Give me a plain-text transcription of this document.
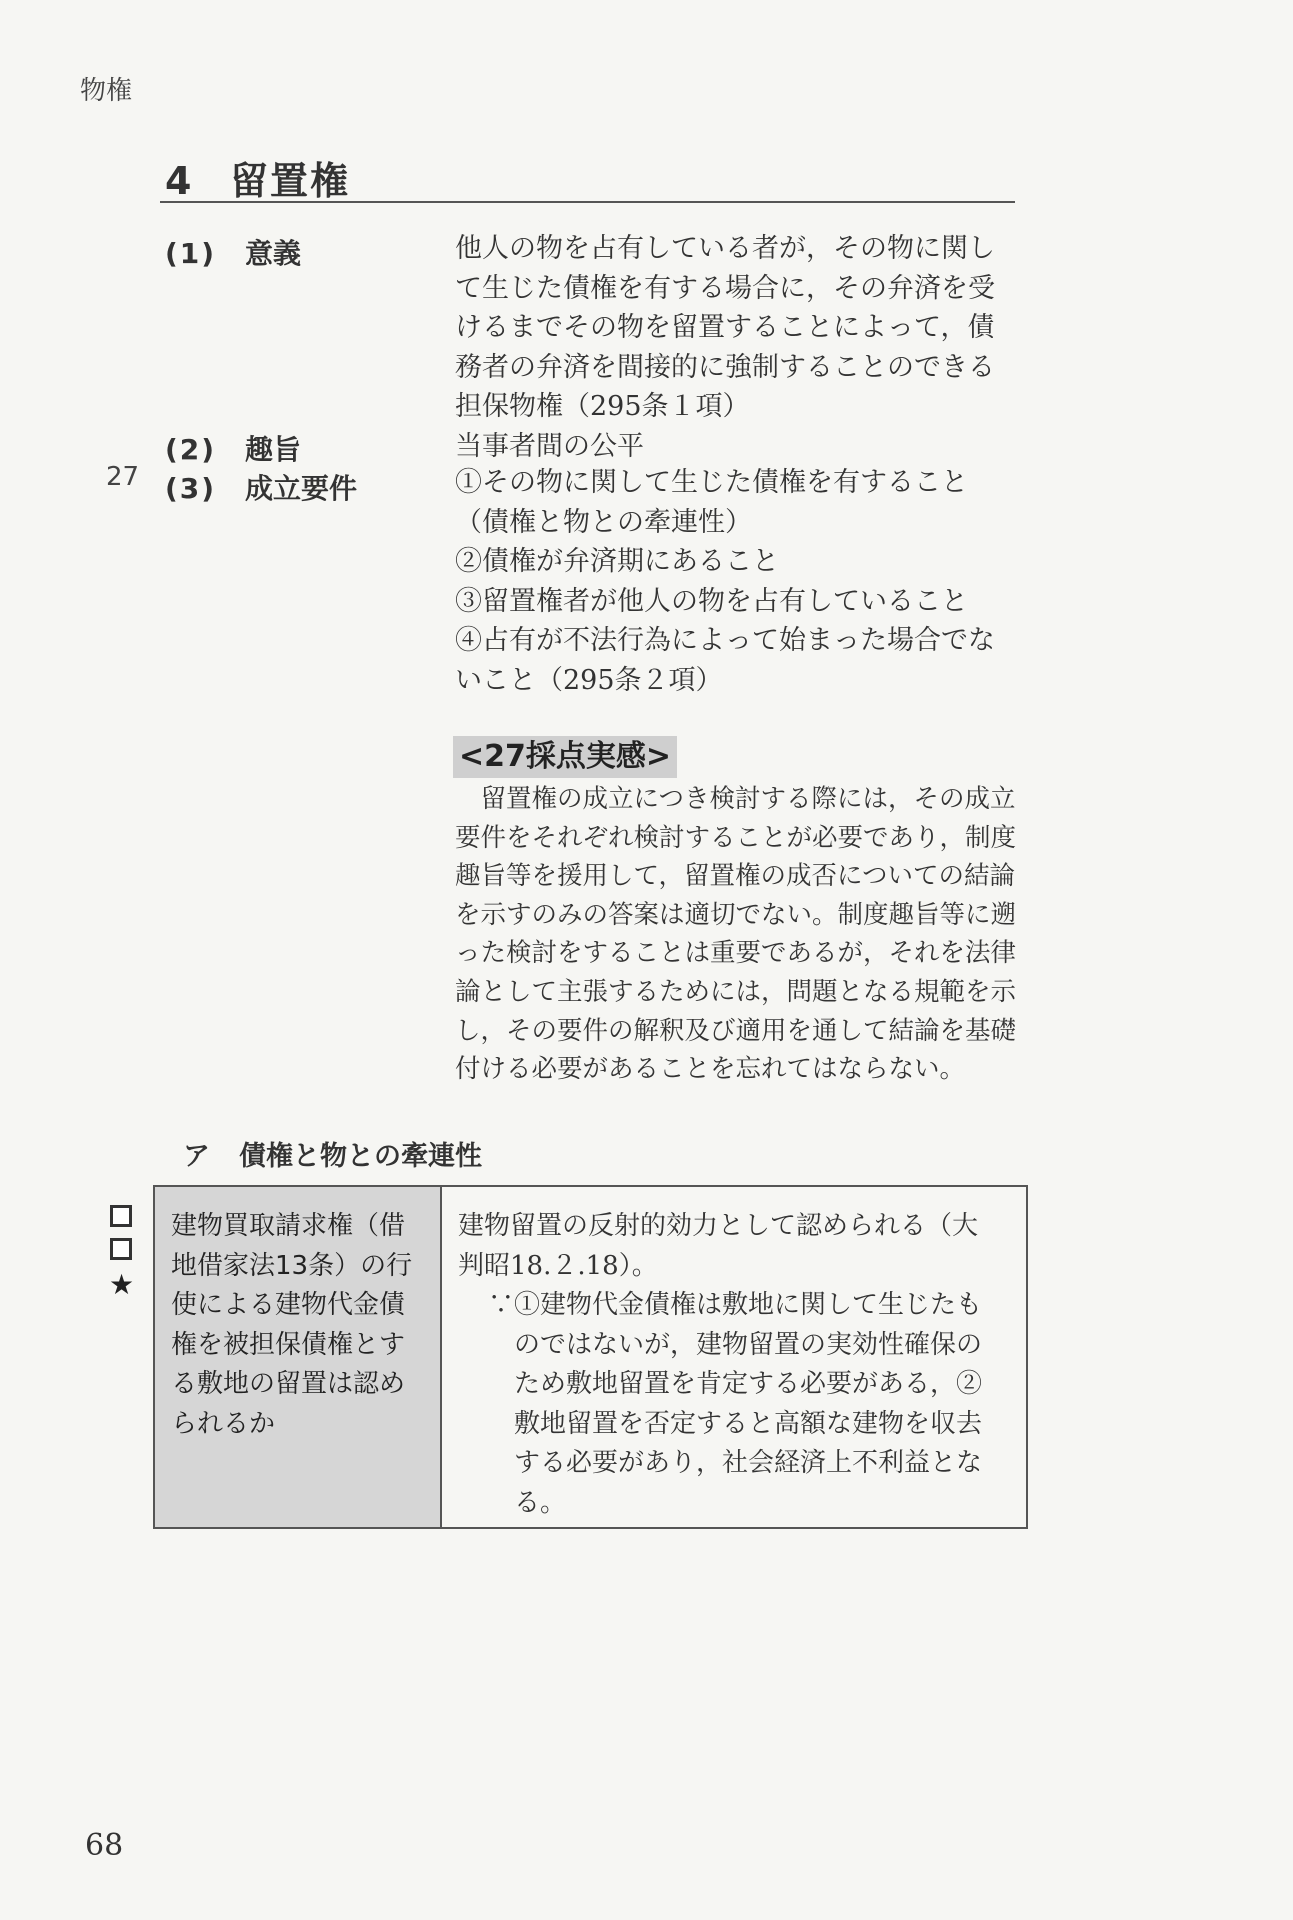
物権
4 留置権
(1) 意義
(2) 趣旨
27 (3) 成立要件
他人の物を占有している者が，その物に関し
て生じた債権を有する場合に，その弁済を受
けるまでその物を留置することによって，債
務者の弁済を間接的に強制することのできる
担保物権（295条１項）
当事者間の公平
①その物に関して生じた債権を有すること
（債権と物との牽連性）
②債権が弁済期にあること
③留置権者が他人の物を占有していること
④占有が不法行為によって始まった場合でな
いこと（295条２項）
<27採点実感>
　留置権の成立につき検討する際には，その成立
要件をそれぞれ検討することが必要であり，制度
趣旨等を援用して，留置権の成否についての結論
を示すのみの答案は適切でない。制度趣旨等に遡
った検討をすることは重要であるが，それを法律
論として主張するためには，問題となる規範を示
し，その要件の解釈及び適用を通して結論を基礎
付ける必要があることを忘れてはならない。
ア 債権と物との牽連性
★
建物買取請求権（借
地借家法13条）の行
使による建物代金債
権を被担保債権とす
る敷地の留置は認め
られるか
建物留置の反射的効力として認められる（大
判昭18.２.18）。
∵①建物代金債権は敷地に関して生じたも
のではないが，建物留置の実効性確保の
ため敷地留置を肯定する必要がある，②
敷地留置を否定すると高額な建物を収去
する必要があり，社会経済上不利益とな
る。
68
